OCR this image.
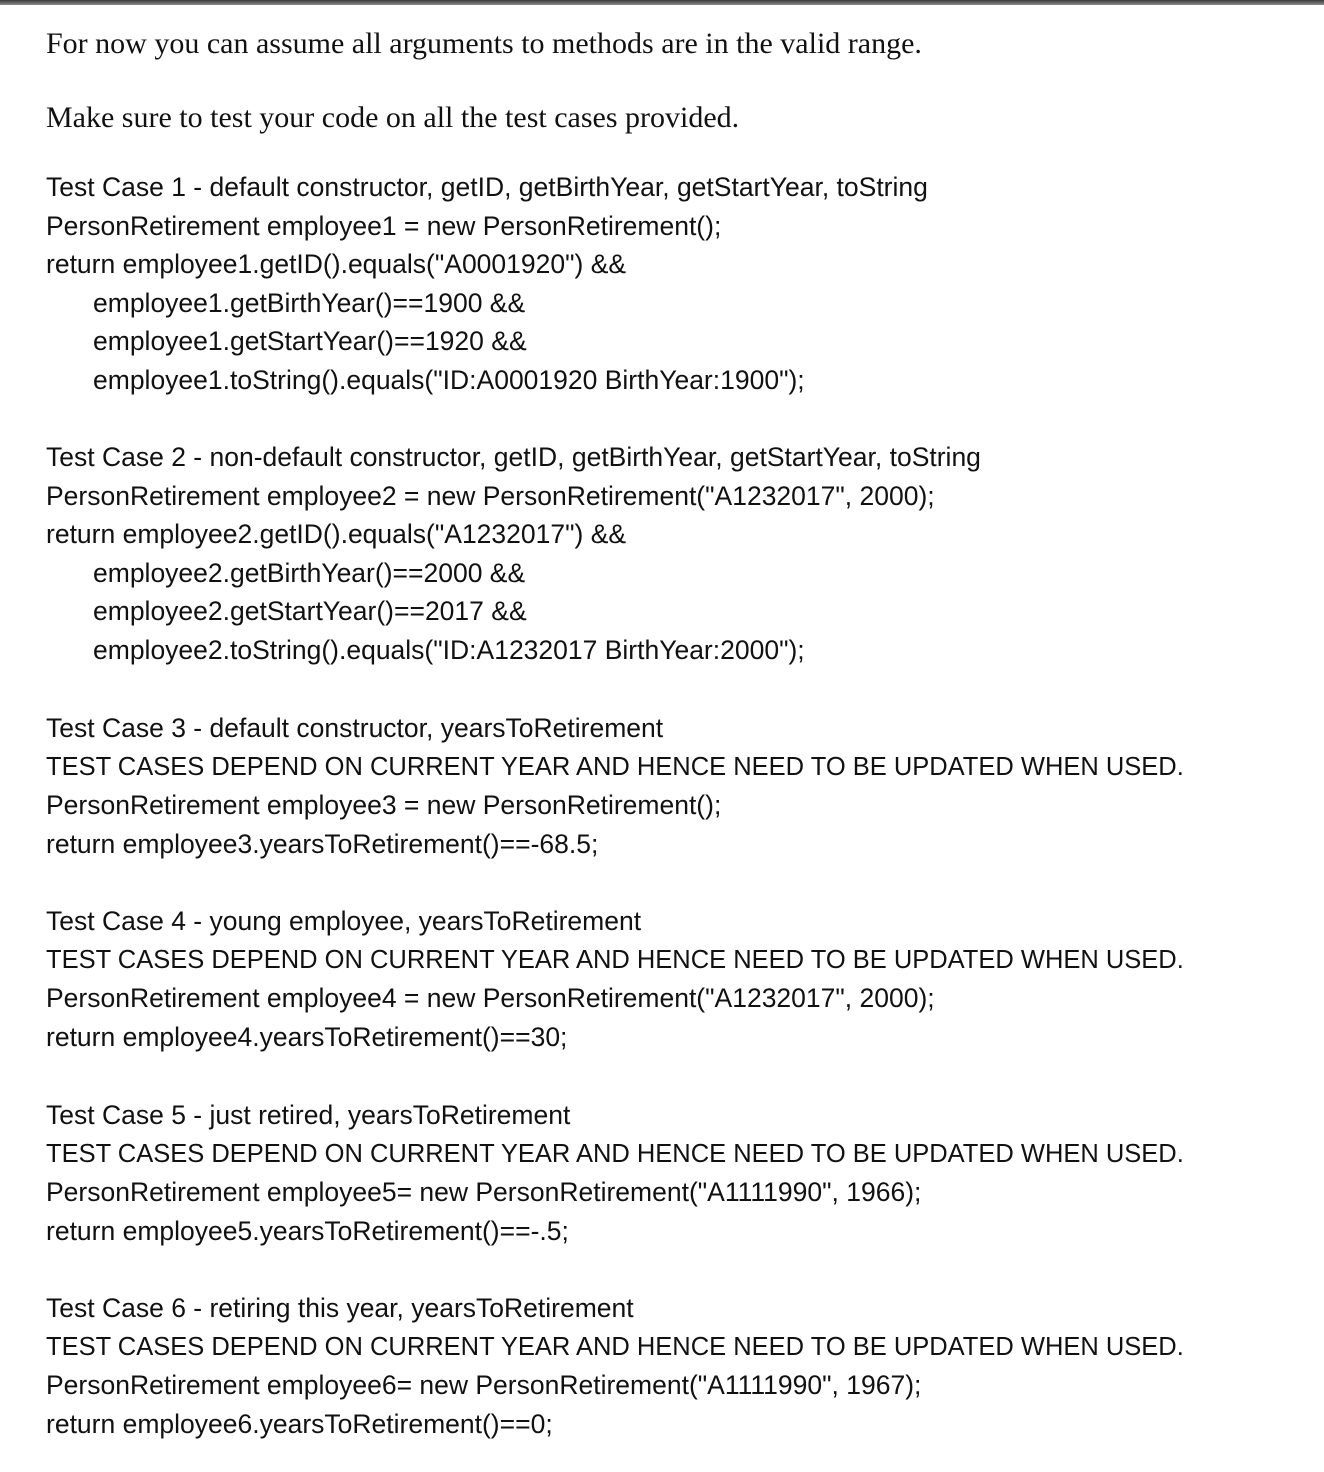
For now you can assume all arguments to methods are in the valid range.

Make sure to test your code on all the test cases provided.

Test Case 1 - default constructor, getID, getBirthYear, getStartYear, toString
PersonRetirement employee1 = new PersonRetirement();
return employee1.getID().equals("A0001920") &&
employee1.getBirthYear()==1900 &&
employee1.getStartYear()==1920 &&
employee1.toString().equals("ID:A0001920 BirthYear:1900");
Test Case 2 - non-default constructor, getID, getBirthYear, getStartYear, toString
PersonRetirement employee2 = new PersonRetirement("A1232017", 2000);
return employee2.getID().equals("A1232017") &&
employee2.getBirthYear()==2000 &&
employee2.getStartYear()==2017 &&
employee2.toString().equals("ID:A1232017 BirthYear:2000");
Test Case 3 - default constructor, yearsToRetirement
TEST CASES DEPEND ON CURRENT YEAR AND HENCE NEED TO BE UPDATED WHEN USED.
PersonRetirement employee3 = new PersonRetirement();
return employee3.yearsToRetirement()==-68.5;
Test Case 4 - young employee, yearsToRetirement
TEST CASES DEPEND ON CURRENT YEAR AND HENCE NEED TO BE UPDATED WHEN USED.
PersonRetirement employee4 = new PersonRetirement("A1232017", 2000);
return employee4.yearsToRetirement()==30;
Test Case 5 - just retired, yearsToRetirement
TEST CASES DEPEND ON CURRENT YEAR AND HENCE NEED TO BE UPDATED WHEN USED.
PersonRetirement employee5= new PersonRetirement("A1111990", 1966);
return employee5.yearsToRetirement()==-.5;
Test Case 6 - retiring this year, yearsToRetirement
TEST CASES DEPEND ON CURRENT YEAR AND HENCE NEED TO BE UPDATED WHEN USED.
PersonRetirement employee6= new PersonRetirement("A1111990", 1967);
return employee6.yearsToRetirement()==0;
